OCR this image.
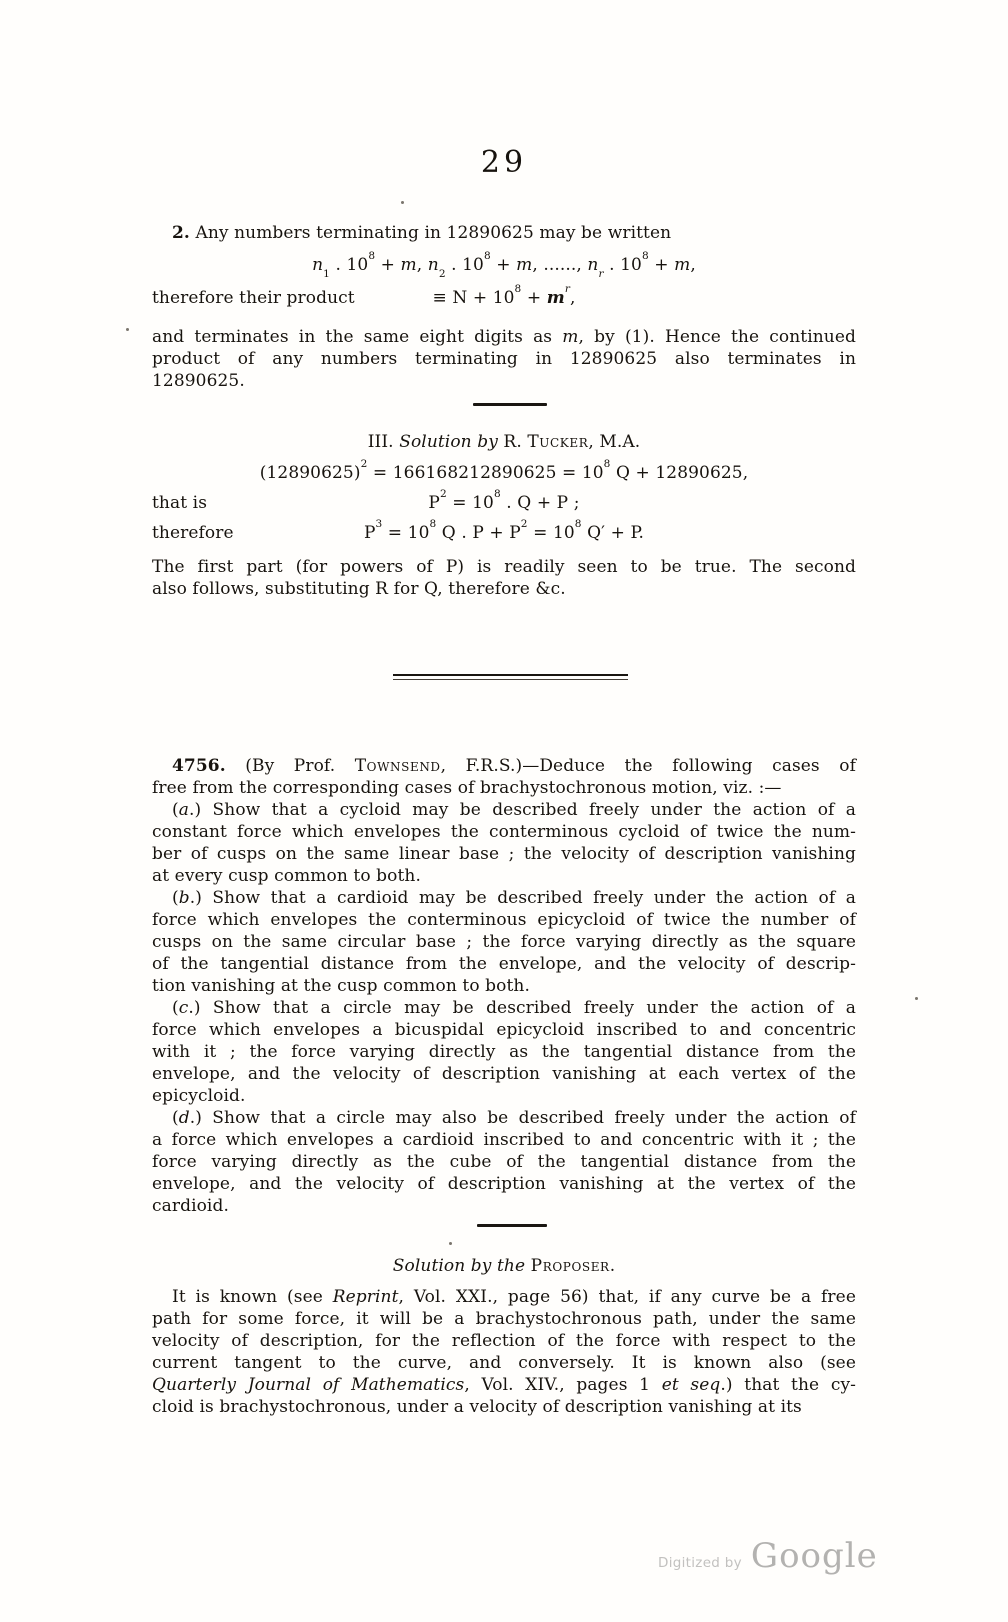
29
2. Any numbers terminating in 12890625 may be written
$n_1$ . $10^8 + m$, $n_2$ . $10^8 + m$, ......, $n_r$ . $10^8 + m$,
therefore their product	≡ $N + 10^8 + m^r$,
and terminates in the same eight digits as m, by (1). Hence the continued
product of any numbers terminating in 12890625 also terminates in
12890625.
III. Solution by R. Tucker, M.A.
$(12890625)^2 = 166168212890625 = 10^8$ Q + 12890625,
that is	$P^2 = 10^8$ . Q + P ;
therefore	$P^3 = 10^8$ Q . $P + P^2 = 10^8$ Q′ + P.
The first part (for powers of P) is readily seen to be true. The second
also follows, substituting R for Q, therefore &c.
4756. (By Prof. Townsend, F.R.S.)—Deduce the following cases of
free from the corresponding cases of brachystochronous motion, viz. :—
(a.) Show that a cycloid may be described freely under the action of a
constant force which envelopes the conterminous cycloid of twice the num-
ber of cusps on the same linear base ; the velocity of description vanishing
at every cusp common to both.
(b.) Show that a cardioid may be described freely under the action of a
force which envelopes the conterminous epicycloid of twice the number of
cusps on the same circular base ; the force varying directly as the square
of the tangential distance from the envelope, and the velocity of descrip-
tion vanishing at the cusp common to both.
(c.) Show that a circle may be described freely under the action of a
force which envelopes a bicuspidal epicycloid inscribed to and concentric
with it ; the force varying directly as the tangential distance from the
envelope, and the velocity of description vanishing at each vertex of the
epicycloid.
(d.) Show that a circle may also be described freely under the action of
a force which envelopes a cardioid inscribed to and concentric with it ; the
force varying directly as the cube of the tangential distance from the
envelope, and the velocity of description vanishing at the vertex of the
cardioid.
Solution by the Proposer.
It is known (see Reprint, Vol. XXI., page 56) that, if any curve be a free
path for some force, it will be a brachystochronous path, under the same
velocity of description, for the reflection of the force with respect to the
current tangent to the curve, and conversely. It is known also (see
Quarterly Journal of Mathematics, Vol. XIV., pages 1 et seq.) that the cy-
cloid is brachystochronous, under a velocity of description vanishing at its
Digitized by Google
